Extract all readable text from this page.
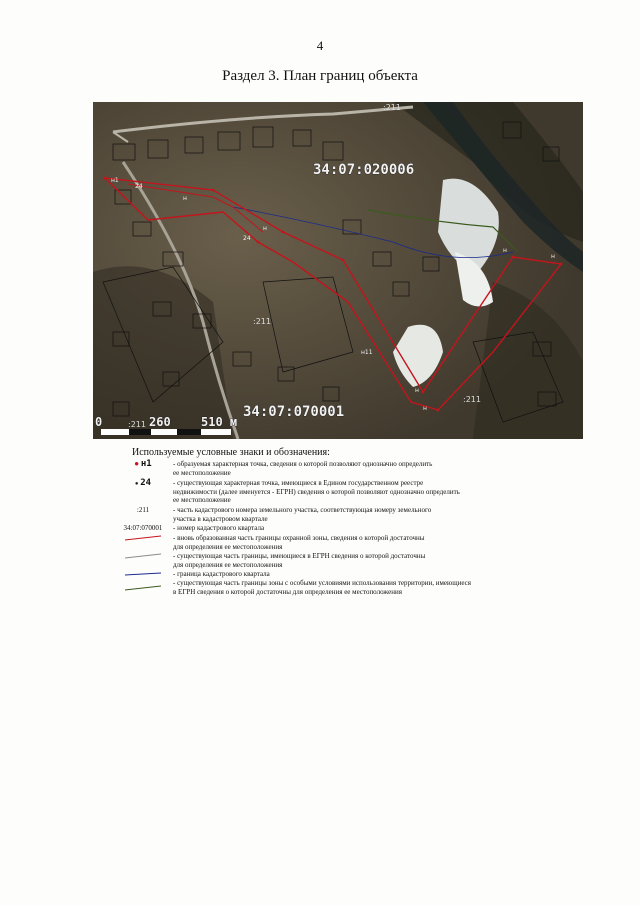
4
Раздел 3. План границ объекта
34:07:020006
34:07:070001
0	260	510 м
:211
:211
:211
:211
н1
24
н
24
н
н
н
н11
н
н
Используемые условные знаки и обозначения:
● н1	- образуемая характерная точка, сведения о которой позволяют однозначно определить
ее местоположение
● 24	- существующая характерная точка, имеющиеся в Едином государственном реестре
недвижимости (далее именуется - ЕГРН) сведения о которой позволяют однозначно определить
ее местоположение
:211	- часть кадастрового номера земельного участка, соответствующая номеру земельного
участка в кадастровом квартале
34:07:070001	- номер кадастрового квартала
- вновь образованная часть границы охранной зоны, сведения о которой достаточны
для определения ее местоположения
- существующая часть границы, имеющиеся в ЕГРН сведения о которой достаточны
для определения ее местоположения
- граница кадастрового квартала
- существующая часть границы зоны с особыми условиями использования территории, имеющиеся
в ЕГРН сведения о которой достаточны для определения ее местоположения
